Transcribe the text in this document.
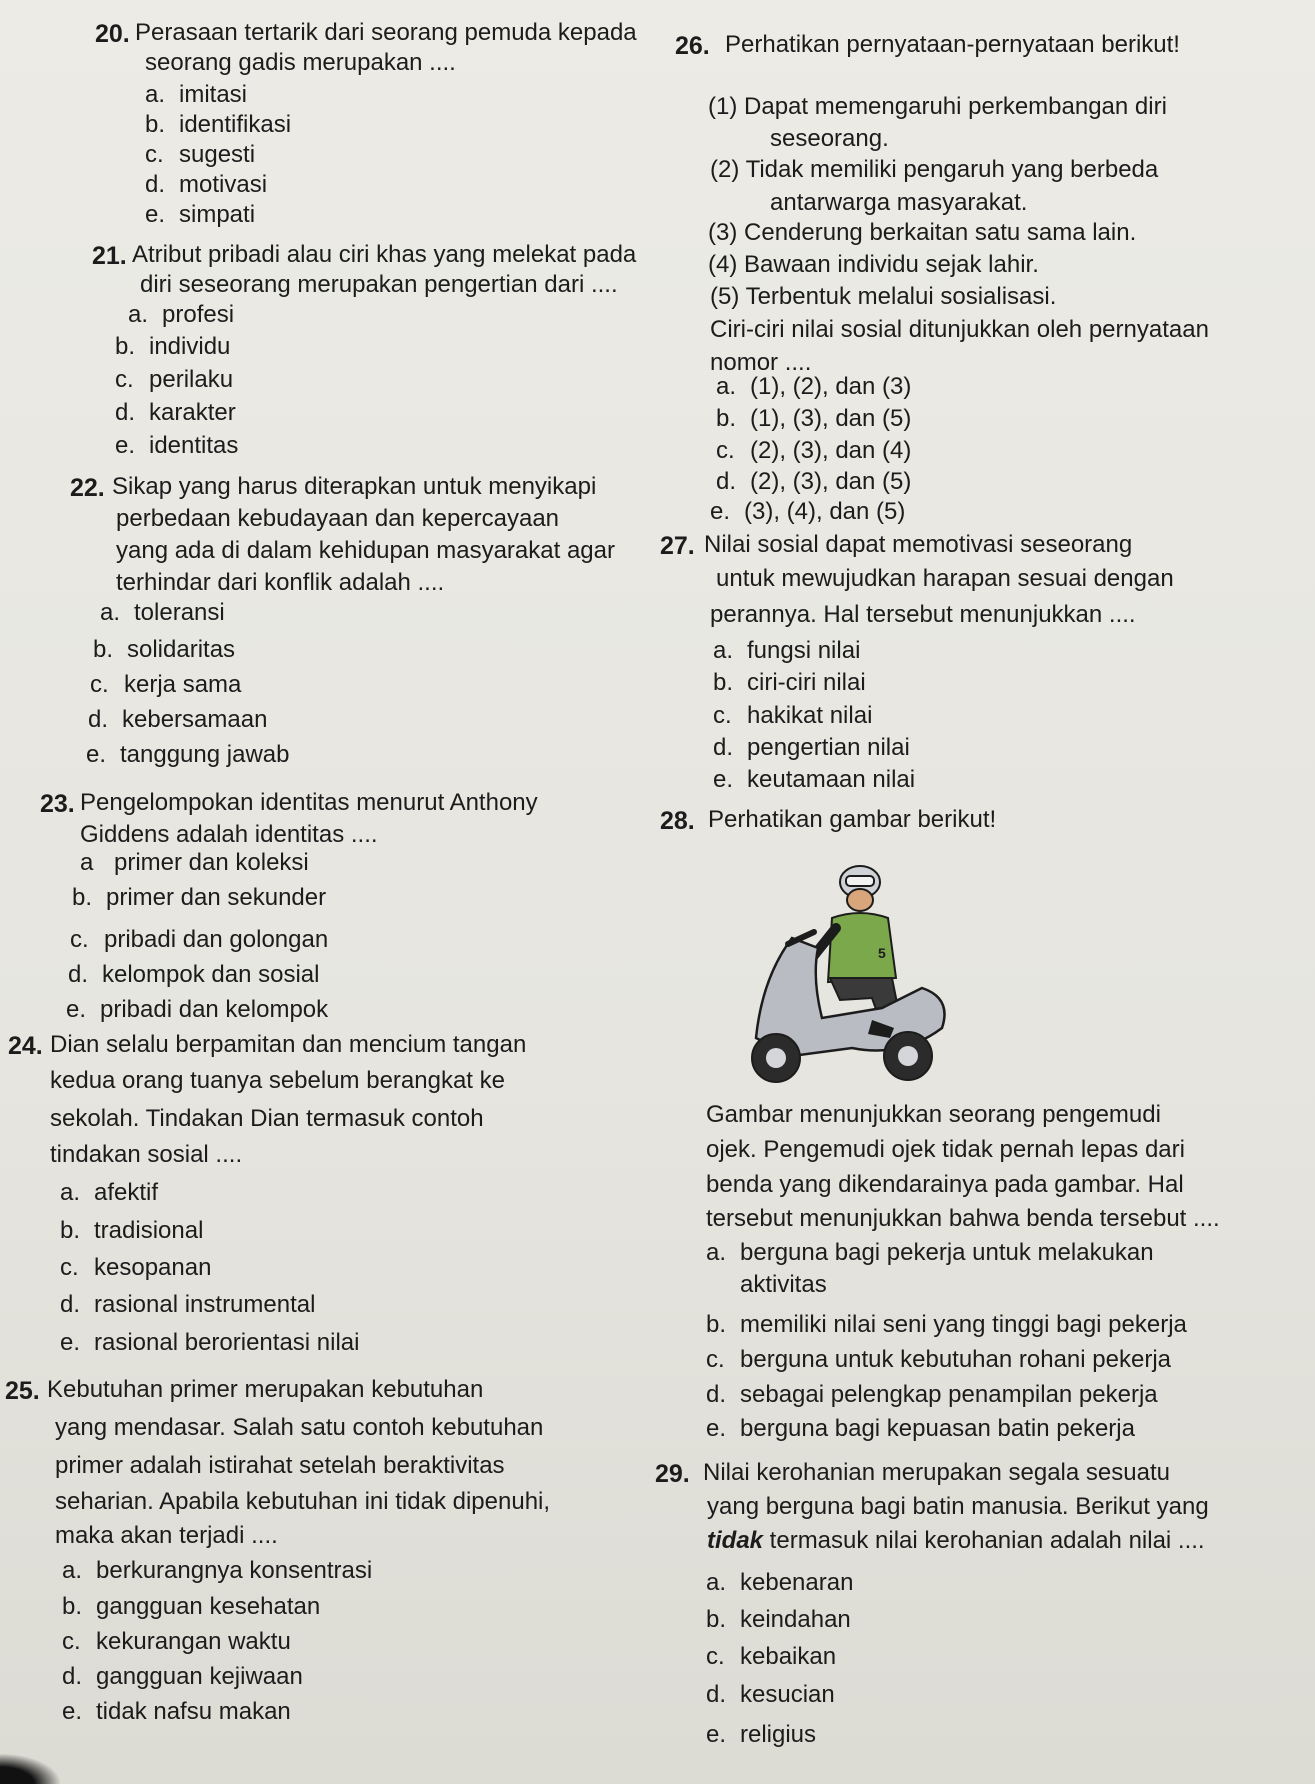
20. Perasaan tertarik dari seorang pemuda kepada
seorang gadis merupakan ....
a. imitasi
b. identifikasi
c. sugesti
d. motivasi
e. simpati
21. Atribut pribadi alau ciri khas yang melekat pada
diri seseorang merupakan pengertian dari ....
a. profesi
b. individu
c. perilaku
d. karakter
e. identitas
22. Sikap yang harus diterapkan untuk menyikapi
perbedaan kebudayaan dan kepercayaan
yang ada di dalam kehidupan masyarakat agar
terhindar dari konflik adalah ....
a. toleransi
b. solidaritas
c. kerja sama
d. kebersamaan
e. tanggung jawab
23. Pengelompokan identitas menurut Anthony
Giddens adalah identitas ....
a primer dan koleksi
b. primer dan sekunder
c. pribadi dan golongan
d. kelompok dan sosial
e. pribadi dan kelompok
24. Dian selalu berpamitan dan mencium tangan
kedua orang tuanya sebelum berangkat ke
sekolah. Tindakan Dian termasuk contoh
tindakan sosial ....
a. afektif
b. tradisional
c. kesopanan
d. rasional instrumental
e. rasional berorientasi nilai
25. Kebutuhan primer merupakan kebutuhan
yang mendasar. Salah satu contoh kebutuhan
primer adalah istirahat setelah beraktivitas
seharian. Apabila kebutuhan ini tidak dipenuhi,
maka akan terjadi ....
a. berkurangnya konsentrasi
b. gangguan kesehatan
c. kekurangan waktu
d. gangguan kejiwaan
e. tidak nafsu makan
26. Perhatikan pernyataan-pernyataan berikut!
(1) Dapat memengaruhi perkembangan diri
seseorang.
(2) Tidak memiliki pengaruh yang berbeda
antarwarga masyarakat.
(3) Cenderung berkaitan satu sama lain.
(4) Bawaan individu sejak lahir.
(5) Terbentuk melalui sosialisasi.
Ciri-ciri nilai sosial ditunjukkan oleh pernyataan
nomor ....
a. (1), (2), dan (3)
b. (1), (3), dan (5)
c. (2), (3), dan (4)
d. (2), (3), dan (5)
e. (3), (4), dan (5)
27. Nilai sosial dapat memotivasi seseorang
untuk mewujudkan harapan sesuai dengan
perannya. Hal tersebut menunjukkan ....
a. fungsi nilai
b. ciri-ciri nilai
c. hakikat nilai
d. pengertian nilai
e. keutamaan nilai
28. Perhatikan gambar berikut!
5
Gambar menunjukkan seorang pengemudi
ojek. Pengemudi ojek tidak pernah lepas dari
benda yang dikendarainya pada gambar. Hal
tersebut menunjukkan bahwa benda tersebut ....
a. berguna bagi pekerja untuk melakukan
aktivitas
b. memiliki nilai seni yang tinggi bagi pekerja
c. berguna untuk kebutuhan rohani pekerja
d. sebagai pelengkap penampilan pekerja
e. berguna bagi kepuasan batin pekerja
29. Nilai kerohanian merupakan segala sesuatu
yang berguna bagi batin manusia. Berikut yang
tidak termasuk nilai kerohanian adalah nilai ....
a. kebenaran
b. keindahan
c. kebaikan
d. kesucian
e. religius
